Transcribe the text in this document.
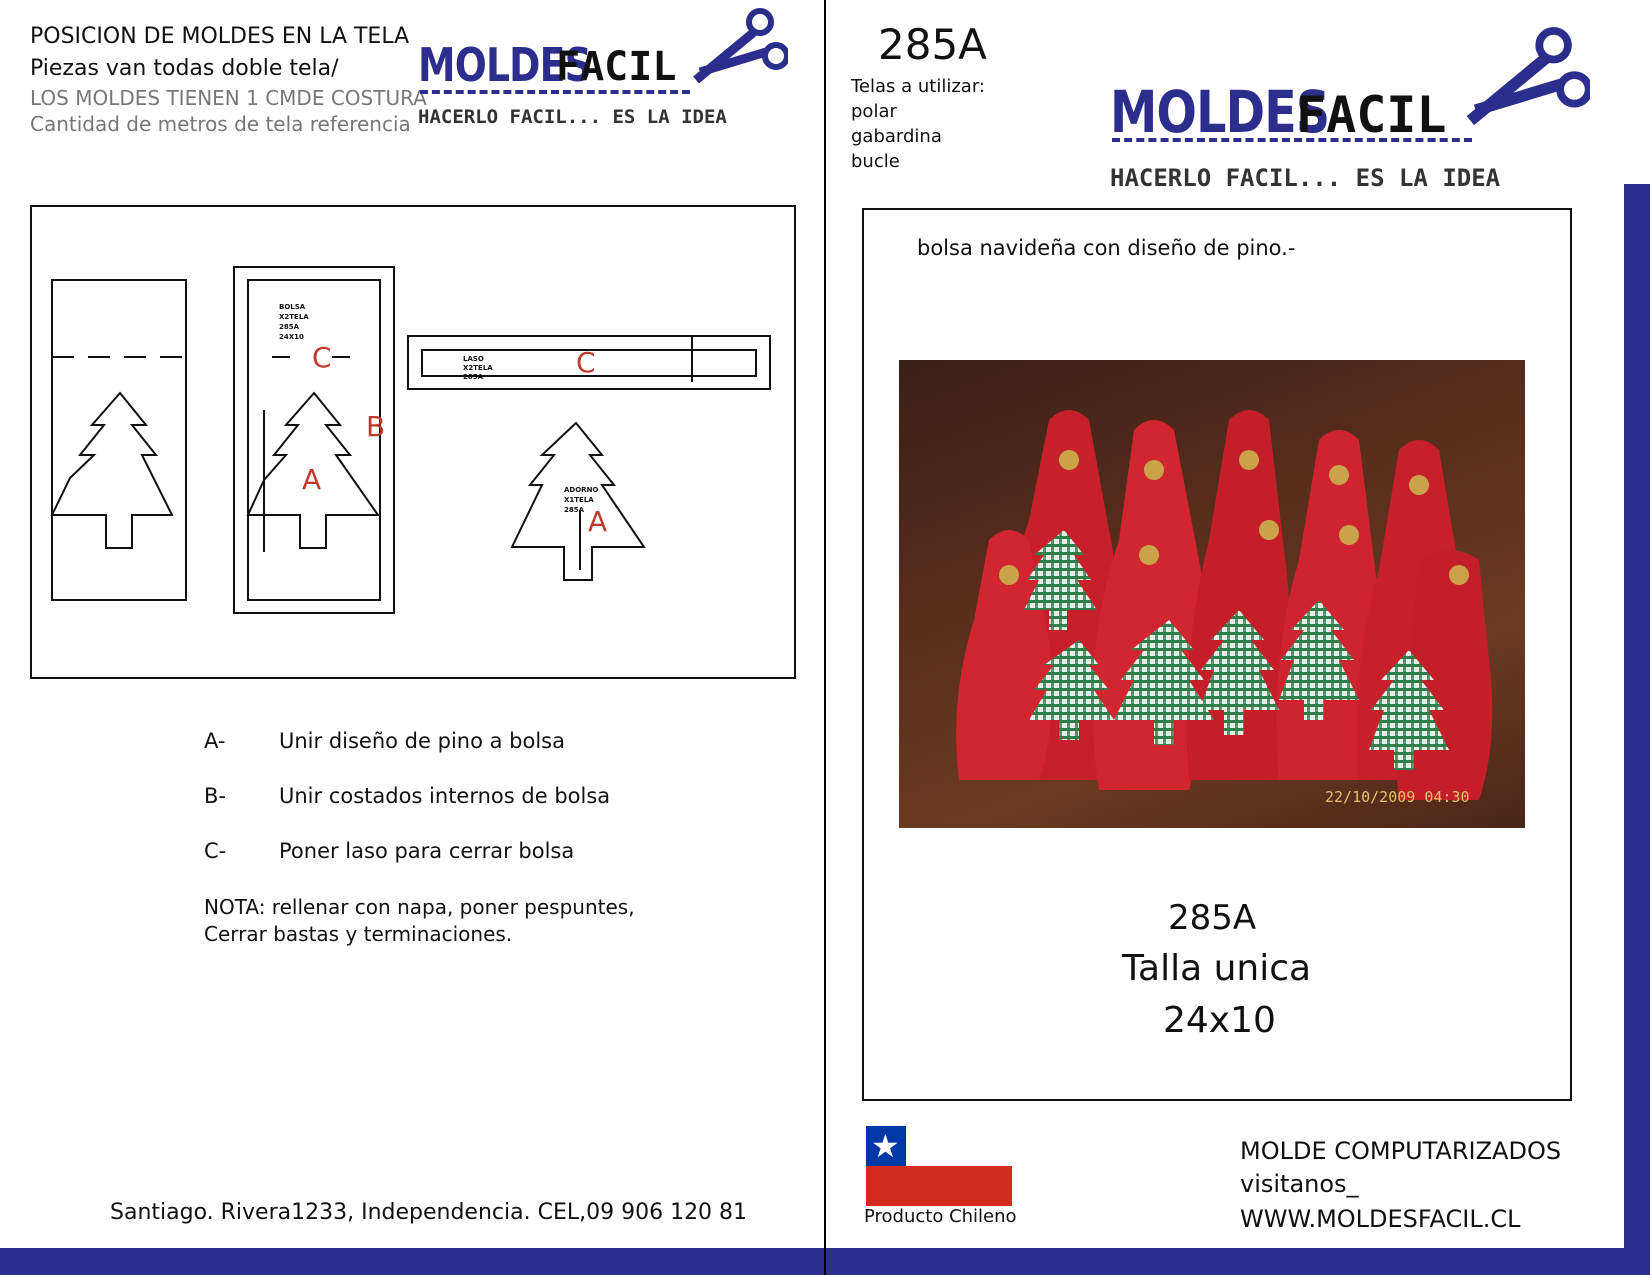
POSICION DE MOLDES EN LA TELA
Piezas van todas doble tela/
LOS MOLDES TIENEN 1 CMDE COSTURA
Cantidad de metros de tela referencia
MOLDES
FACIL
HACERLO FACIL... ES LA IDEA
BOLSA
X2TELA
285A
24X10
LASO
X2TELA
285A
ADORNO
X1TELA
285A
C
B
A
C
A
A-	Unir diseño de pino a bolsa
B-	Unir costados internos de bolsa
C-	Poner laso para cerrar bolsa
NOTA: rellenar con napa, poner pespuntes,
Cerrar bastas y terminaciones.
Santiago. Rivera1233, Independencia. CEL,09 906 120 81
285A
Telas a utilizar:
polar
gabardina
bucle
MOLDES
FACIL
HACERLO FACIL... ES LA IDEA
bolsa navideña con diseño de pino.-
22/10/2009 04:30
285A
Talla unica
24x10
★
Producto Chileno
MOLDE COMPUTARIZADOS
visitanos_
WWW.MOLDESFACIL.CL
